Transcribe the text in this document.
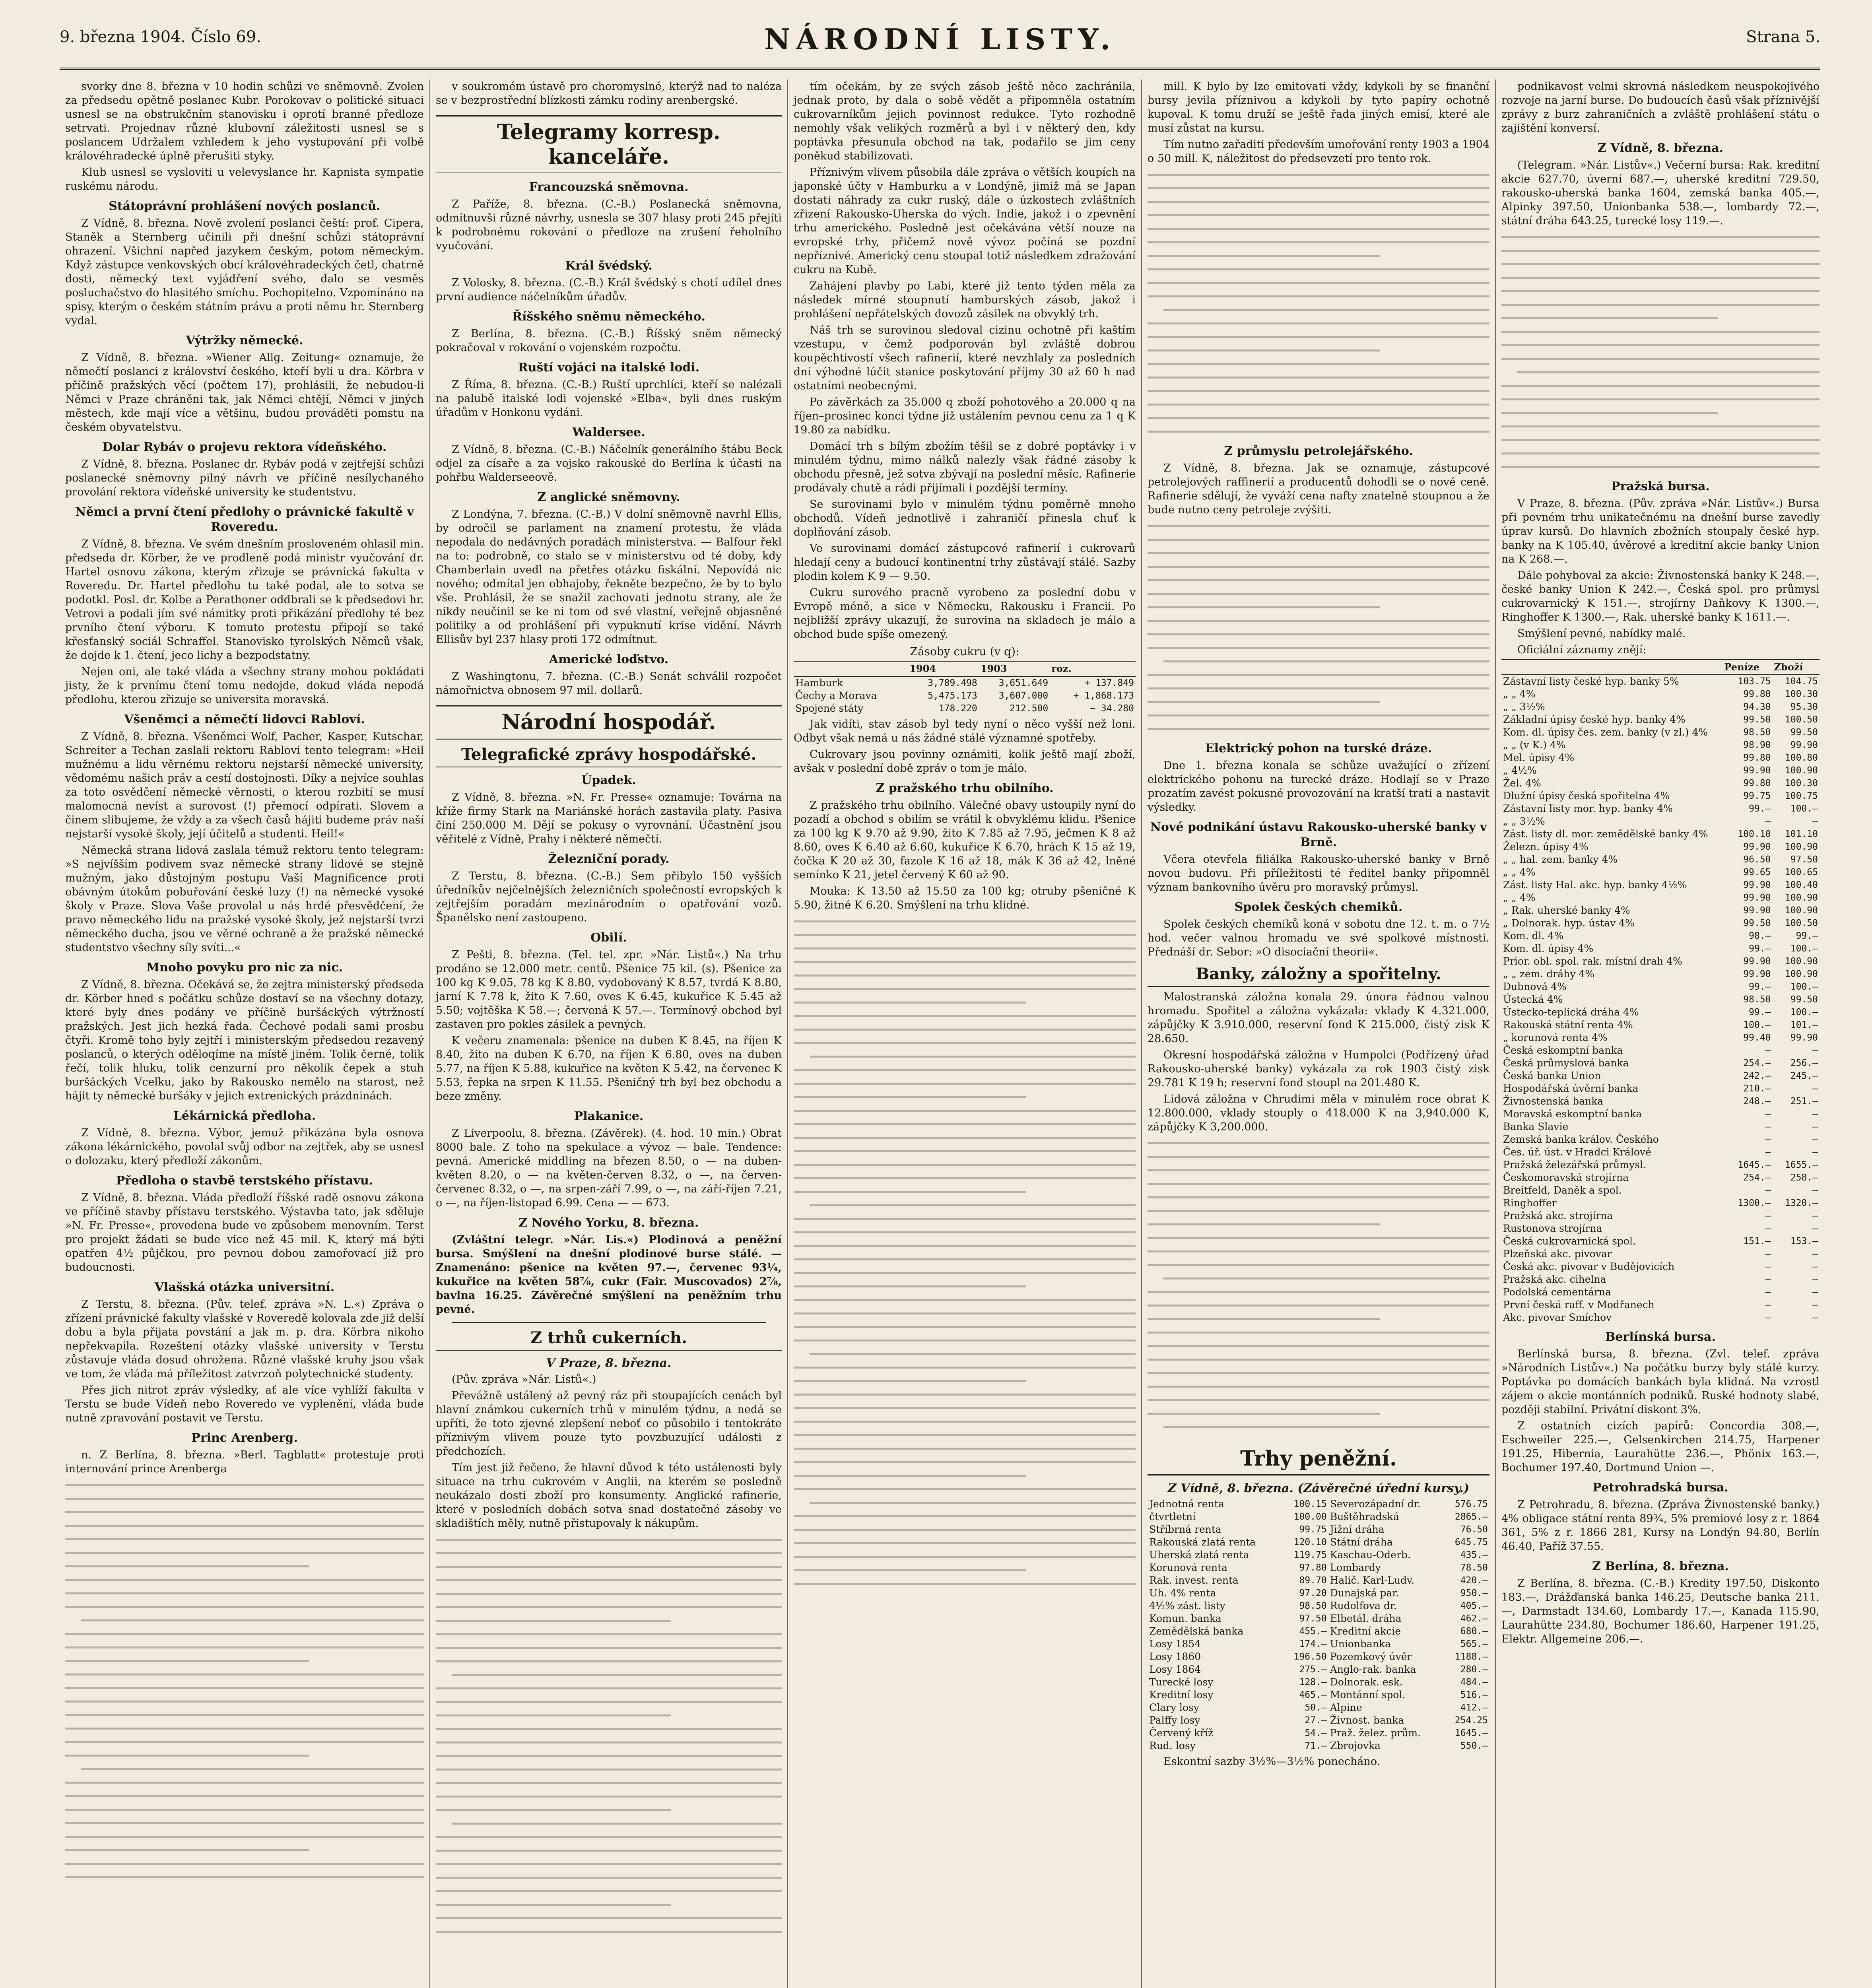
9. března 1904. Číslo 69.	NÁRODNÍ LISTY.	Strana 5.

svorky dne 8. března v 10 hodin schůzi ve sněmovně. Zvolen za předsedu opětně poslanec Kubr. Porokovav o politické situaci usnesl se na obstrukčním stanovisku i oprotí branné předloze setrvati. Projednav různé klubovní záležitosti usnesl se s poslancem Udržalem vzhledem k jeho vystupování při volbě královéhradecké úplně přerušiti styky.

Klub usnesl se vysloviti u velevyslance hr. Kapnista sympatie ruskému národu.

Státoprávní prohlášení nových poslanců.

Z Vídně, 8. března. Nově zvolení poslanci čeští: prof. Cipera, Staněk a Sternberg učinili při dnešní schůzi státoprávní ohrazení. Všichni napřed jazykem českým, potom německým. Když zástupce venkovských obcí královéhradeckých četl, chatrně dosti, německý text vyjádření svého, dalo se vesměs posluchačstvo do hlasitého smíchu. Pochopitelno. Vzpomínáno na spisy, kterým o českém státním právu a proti němu hr. Sternberg vydal.

Výtržky německé.

Z Vídně, 8. března. »Wiener Allg. Zeitung« oznamuje, že němečtí poslanci z království českého, kteří byli u dra. Körbra v příčině pražských věcí (počtem 17), prohlásili, že nebudou-li Němci v Praze chráněni tak, jak Němci chtějí, Němci v jiných městech, kde mají více a většinu, budou prováděti pomstu na českém obyvatelstvu.

Dolar Rybáv o projevu rektora vídeňského.

Z Vídně, 8. března. Poslanec dr. Rybáv podá v zejtřejší schůzi poslanecké sněmovny pilný návrh ve příčině nesílychaného provolání rektora vídeňské university ke studentstvu.

Němci a první čtení předlohy o právnické fakultě v Roveredu.

Z Vídně, 8. března. Ve svém dnešním prosloveném ohlasil min. předseda dr. Körber, že ve prodleně podá ministr vyučování dr. Hartel osnovu zákona, kterým zřizuje se právnická fakulta v Roveredu. Dr. Hartel předlohu tu také podal, ale to sotva se podotkl. Posl. dr. Kolbe a Perathoner oddbrali se k předsedovi hr. Vetrovi a podali jím své námitky proti přikázání předlohy té bez prvního čtení výboru. K tomuto protestu připojí se také křesťanský sociál Schraffel. Stanovisko tyrolských Němců však, že dojde k 1. čtení, jeco lichy a bezpodstatny.

Nejen oni, ale také vláda a všechny strany mohou pokládati jisty, že k prvnímu čtení tomu nedojde, dokud vláda nepodá předlohu, kterou zřizuje se universita moravská.

Všeněmci a němečtí lidovci Rabloví.

Z Vídně, 8. března. Všeněmci Wolf, Pacher, Kasper, Kutschar, Schreiter a Techan zaslali rektoru Rablovi tento telegram: »Heil mužnému a lidu věrnému rektoru nejstarší německé university, vědomému našich práv a cestí dostojnosti. Díky a nejvíce souhlas za toto osvědčení německé věrnosti, o kterou rozbití se musí malomocná nevíst a surovost (!) přemocí odpírati. Slovem a činem slibujeme, že vždy a za všech časů hájiti budeme práv naší nejstarší vysoké školy, její účitelů a studenti. Heil!«

Německá strana lidová zaslala témuž rektoru tento telegram: »S nejvíšším podivem svaz německé strany lidové se stejně mužným, jako důstojným postupu Vaší Magnificence proti obávným útokům pobuřování české luzy (!) na německé vysoké školy v Praze. Slova Vaše provolal u nás hrdé přesvědčení, že pravo německého lidu na pražské vysoké školy, jež nejstarší tvrzi německého ducha, jsou ve věrné ochraně a že pražské německé studentstvo všechny síly svíti...«

Mnoho povyku pro nic za nic.

Z Vídně, 8. března. Očekává se, že zejtra ministerský předseda dr. Körber hned s počátku schůze dostaví se na všechny dotazy, které byly dnes podány ve příčině buršáckých výtržností pražských. Jest jich hezká řada. Čechové podali sami prosbu čtyři. Kromě toho byly zejtří i ministerským předsedou rezavený poslanců, o kterých oděloqíme na místě jiném. Tolik černé, tolik řečí, tolik hluku, tolik cenzurní pro několik čepek a stuh buršáckých Vcelku, jako by Rakousko nemělo na starost, než hájit ty německé buršáky v jejich extrenických prázdninách.

Lékárnická předloha.

Z Vídně, 8. března. Výbor, jemuž přikázána byla osnova zákona lékárnického, povolal svůj odbor na zejtřek, aby se usnesl o dolozaku, který předloží zákonům.

Předloha o stavbě terstského přístavu.

Z Vídně, 8. března. Vláda předloží říšské radě osnovu zákona ve příčině stavby přístavu terstského. Výstavba tato, jak sděluje »N. Fr. Presse«, provedena bude ve způsobem menovním. Terst pro projekt žádati se bude vice než 45 mil. K, který má býti opatřen 4½ půjčkou, pro pevnou dobou zamořovací již pro budoucnosti.

Vlašská otázka universitní.

Z Terstu, 8. března. (Pův. telef. zpráva »N. L.«) Zpráva o zřízení právnické fakulty vlašské v Roveredě kolovala zde již delší dobu a byla přijata povstání a jak m. p. dra. Körbra nikoho nepřekvapila. Rozeštení otázky vlašské university v Terstu zůstavuje vláda dosud ohrožena. Různé vlašské kruhy jsou však ve tom, že vláda má příležitost zatvrzoň polytechnické studenty.

Přes jich nitrot zpráv výsledky, ať ale více vyhlíží fakulta v Terstu se bude Vídeň nebo Roveredo ve vyplenění, vláda bude nutně zpravování postavit ve Terstu.

Princ Arenberg.

n. Z Berlína, 8. března. »Berl. Tagblatt« protestuje proti internování prince Arenberga

v soukromém ústavě pro choromyslné, kterýž nad to naléza se v bezprostřední blízkosti zámku rodiny arenbergské.

Telegramy korresp. kanceláře.
Francouzská sněmovna.

Z Paříže, 8. března. (C.-B.) Poslanecká sněmovna, odmítnuvši různé návrhy, usnesla se 307 hlasy proti 245 přejíti k podrobnému rokování o předloze na zrušení řeholního vyučování.

Král švédský.

Z Volosky, 8. března. (C.-B.) Král švédský s chotí udílel dnes první audience náčelníkům úřadův.

Říšského sněmu německého.

Z Berlína, 8. března. (C.-B.) Říšský sněm německý pokračoval v rokování o vojenském rozpočtu.

Ruští vojáci na italské lodi.

Z Říma, 8. března. (C.-B.) Ruští uprchlíci, kteří se nalézali na palubě italské lodi vojenské »Elba«, byli dnes ruským úřadům v Honkonu vydáni.

Waldersee.

Z Vídně, 8. března. (C.-B.) Náčelník generálního štábu Beck odjel za císaře a za vojsko rakouské do Berlína k účasti na pohřbu Walderseeově.

Z anglické sněmovny.

Z Londýna, 7. března. (C.-B.) V dolní sněmovně navrhl Ellis, by odročil se parlament na znamení protestu, že vláda nepodala do nedávných poradách ministerstva. — Balfour řekl na to: podrobně, co stalo se v ministerstvu od té doby, kdy Chamberlain uvedl na přetřes otázku fiskální. Nepovídá nic nového; odmítal jen obhajoby, řekněte bezpečno, že by to bylo vše. Prohlásil, že se snažil zachovati jednotu strany, ale že nikdy neučinil se ke ni tom od své vlastní, veřejně objasněné politiky a od prohlášení při vypuknutí krise vidění. Návrh Ellisův byl 237 hlasy proti 172 odmítnut.

Americké loďstvo.

Z Washingtonu, 7. března. (C.-B.) Senát schválil rozpočet námořnictva obnosem 97 mil. dollarů.

Národní hospodář.
Telegrafické zprávy hospodářské.
Úpadek.

Z Vídně, 8. března. »N. Fr. Presse« oznamuje: Továrna na kříže firmy Stark na Mariánské horách zastavila platy. Pasiva činí 250.000 M. Dějí se pokusy o vyrovnání. Účastnění jsou věřitelé z Vídně, Prahy i některé němečtí.

Železniční porady.

Z Terstu, 8. března. (C.-B.) Sem přibylo 150 vyšších úředníkův nejčelnějších železničních společností evropských k zejtřejším poradám mezinárodním o opatřování vozů. Španělsko není zastoupeno.

Obilí.

Z Pešti, 8. března. (Tel. tel. zpr. »Nár. Listů«.) Na trhu prodáno se 12.000 metr. centů. Pšenice 75 kil. (s). Pšenice za 100 kg K 9.05, 78 kg K 8.80, vydobovaný K 8.57, tvrdá K 8.80, jarní K 7.78 k, žito K 7.60, oves K 6.45, kukuřice K 5.45 až 5.50; vojtěška K 58.—; červená K 57.—. Termínový obchod byl zastaven pro pokles zásilek a pevných.

K večeru znamenala: pšenice na duben K 8.45, na říjen K 8.40, žito na duben K 6.70, na říjen K 6.80, oves na duben 5.77, na říjen K 5.88, kukuřice na květen K 5.42, na červenec K 5.53, řepka na srpen K 11.55. Pšeničný trh byl bez obchodu a beze změny.

Plakanice.

Z Liverpoolu, 8. března. (Závěrek). (4. hod. 10 min.) Obrat 8000 bale. Z toho na spekulace a vývoz — bale. Tendence: pevná. Americké middling na březen 8.50, o — na duben-květen 8.20, o — na květen-červen 8.32, o —, na červen-červenec 8.32, o —, na srpen-září 7.99, o —, na září-říjen 7.21, o —, na říjen-listopad 6.99. Cena — — 673.

Z Nového Yorku, 8. března.

(Zvláštní telegr. »Nár. Lis.«) Plodinová a peněžní bursa. Smýšlení na dnešní plodinové burse stálé. — Znamenáno: pšenice na květen 97.—, červenec 93¼, kukuřice na květen 58⅞, cukr (Fair. Muscovados) 2⅞, bavlna 16.25. Závěrečné smýšlení na peněžním trhu pevné.

Z trhů cukerních.
V Praze, 8. března.

(Pův. zpráva »Nár. Listů«.)

Převážně ustálený až pevný ráz při stoupajících cenách byl hlavní známkou cukerních trhů v minulém týdnu, a nedá se upříti, že toto zjevné zlepšení neboť co působilo i tentokráte příznivým vlivem pouze tyto povzbuzující události z předchozích.

Tím jest již řečeno, že hlavní důvod k této ustálenosti byly situace na trhu cukrovém v Anglii, na kterém se posledně neukázalo dosti zboží pro konsumenty. Anglické rafinerie, které v posledních dobách sotva snad dostatečné zásoby ve skladištích měly, nutně přistupovaly k nákupům.

tím očekám, by ze svých zásob ještě něco zachránila, jednak proto, by dala o sobě vědět a připomněla ostatním cukrovarníkům jejich povinnost redukce. Tyto rozhodně nemohly však velikých rozměrů a byl i v některý den, kdy poptávka přesunula obchod na tak, podařilo se jim ceny poněkud stabilizovati.

Příznivým vlivem působila dále zpráva o větších koupích na japonské účty v Hamburku a v Londýně, jimiž má se Japan dostati náhrady za cukr ruský, dále o úzkostech zvláštních zřizení Rakousko-Uherska do vých. Indie, jakož i o zpevnění trhu amerického. Posledně jest očekávána větší nouze na evropské trhy, přičemž nově vývoz počíná se pozdní nepříznivé. Americký cenu stoupal totiž následkem zdražování cukru na Kubě.

Zahájení plavby po Labi, které již tento týden měla za následek mírné stoupnutí hamburských zásob, jakož i prohlášení nepřátelských dovozů zásilek na obvyklý trh.

Náš trh se surovinou sledoval cizinu ochotně při kaštím vzestupu, v čemž podporován byl zvláště dobrou koupěchtivostí všech rafinerií, které nevzhlaly za posledních dní výhodné lúčit stanice poskytování příjmy 30 až 60 h nad ostatními neobecnými.

Po závěrkách za 35.000 q zboží pohotového a 20.000 q na říjen–prosinec konci týdne již ustálením pevnou cenu za 1 q K 19.80 za nabídku.

Domácí trh s bílým zbožím těšil se z dobré poptávky i v minulém týdnu, mimo nálků nalezly však řádné zásoby k obchodu přesně, jež sotva zbývají na poslední měsíc. Rafinerie prodávaly chutě a rádi přijímali i pozdější termíny.

Se surovinami bylo v minulém týdnu poměrně mnoho obchodů. Vídeň jednotlivě i zahraničí přinesla chuť k doplňování zásob.

Ve surovinami domácí zástupcové rafinerií i cukrovarů hledají ceny a budoucí kontinentní trhy zůstávají stálé. Sazby plodin kolem K 9 — 9.50.

Cukru surového pracně vyrobeno za poslední dobu v Evropě méně, a sice v Německu, Rakousku i Francii. Po nejbližší zprávy ukazují, že surovina na skladech je málo a obchod bude spíše omezený.

Zásoby cukru (v q):
	1904	1903	roz.
Hamburk	3,789.498	3,651.649	+ 137.849
Čechy a Morava	5,475.173	3,607.000	+ 1,868.173
Spojené státy	178.220	212.500	− 34.280

Jak vidíti, stav zásob byl tedy nyní o něco vyšší než loni. Odbyt však nemá u nás žádné stálé významné spotřeby.

Cukrovary jsou povinny oznámiti, kolik ještě mají zboží, avšak v poslední době zpráv o tom je málo.

Z pražského trhu obilního.

Z pražského trhu obilního. Válečné obavy ustoupily nyní do pozadí a obchod s obilím se vrátil k obvyklému klidu. Pšenice za 100 kg K 9.70 až 9.90, žito K 7.85 až 7.95, ječmen K 8 až 8.60, oves K 6.40 až 6.60, kukuřice K 6.70, hrách K 15 až 19, čočka K 20 až 30, fazole K 16 až 18, mák K 36 až 42, lněné semínko K 21, jetel červený K 60 až 90.

Mouka: K 13.50 až 15.50 za 100 kg; otruby pšeničné K 5.90, žitné K 6.20. Smýšlení na trhu klidné.

mill. K bylo by lze emitovati vždy, kdykoli by se finanční bursy jevila příznivou a kdykoli by tyto papíry ochotně kupoval. K tomu druží se ještě řada jiných emisí, které ale musí zůstat na kursu.

Tím nutno zařaditi především umořování renty 1903 a 1904 o 50 mill. K, náležitost do předsevzetí pro tento rok.

Z průmyslu petrolejářského.

Z Vídně, 8. března. Jak se oznamuje, zástupcové petrolejových raffinerií a producentů dohodli se o nové ceně. Rafinerie sdělují, že vyváží cena nafty znatelně stoupnou a že bude nutno ceny petroleje zvýšiti.

Elektrický pohon na turské dráze.

Dne 1. března konala se schůze uvažující o zřízení elektrického pohonu na turecké dráze. Hodlají se v Praze prozatím zavést pokusné provozování na kratší trati a nastavit výsledky.

Nové podnikání ústavu Rakousko-uherské banky v Brně.

Včera otevřela filiálka Rakousko-uherské banky v Brně novou budovu. Při příležitosti té ředitel banky připomněl význam bankovního úvěru pro moravský průmysl.

Spolek českých chemiků.

Spolek českých chemiků koná v sobotu dne 12. t. m. o 7½ hod. večer valnou hromadu ve své spolkové místnosti. Přednáší dr. Sebor: »O disociační theorii«.

Banky, záložny a spořitelny.

Malostranská záložna konala 29. února řádnou valnou hromadu. Spořitel a záložna vykázala: vklady K 4.321.000, zápůjčky K 3.910.000, reservní fond K 215.000, čistý zisk K 28.650.

Okresní hospodářská záložna v Humpolci (Podřízený úřad Rakousko-uherské banky) vykázala za rok 1903 čistý zisk 29.781 K 19 h; reservní fond stoupl na 201.480 K.

Lidová záložna v Chrudimi měla v minulém roce obrat K 12.800.000, vklady stouply o 418.000 K na 3,940.000 K, zápůjčky K 3,200.000.

Trhy peněžní.
Z Vídně, 8. března. (Závěrečné úřední kursy.)
Jednotná renta	100.15	Severozápadní dr.	576.75
čtvrtletní	100.00	Buštěhradská	2865.—
Stříbrná renta	99.75	Jižní dráha	76.50
Rakouská zlatá renta	120.10	Státní dráha	645.75
Uherská zlatá renta	119.75	Kaschau-Oderb.	435.—
Korunová renta	97.80	Lombardy	78.50
Rak. invest. renta	89.70	Halič. Karl-Ludv.	420.—
Uh. 4% renta	97.20	Dunajská par.	950.—
4½% zást. listy	98.50	Rudolfova dr.	405.—
Komun. banka	97.50	Elbetál. dráha	462.—
Zemědělská banka	455.—	Kreditní akcie	680.—
Losy 1854	174.—	Unionbanka	565.—
Losy 1860	196.50	Pozemkový úvěr	1188.—
Losy 1864	275.—	Anglo-rak. banka	280.—
Turecké losy	128.—	Dolnorak. esk.	484.—
Kreditní losy	465.—	Montánní spol.	516.—
Clary losy	50.—	Alpine	412.—
Palffy losy	27.—	Živnost. banka	254.25
Červený kříž	54.—	Praž. želez. prům.	1645.—
Rud. losy	71.—	Zbrojovka	550.—

Eskontní sazby 3½%—3½% ponecháno.

podnikavost velmi skrovná následkem neuspokojivého rozvoje na jarní burse. Do budoucích časů však příznivější zprávy z burz zahraničních a zvláště prohlášení státu o zajištění konversí.

Z Vídně, 8. března.

(Telegram. »Nár. Listův«.) Večerní bursa: Rak. kreditní akcie 627.70, úverní 687.—, uherské kreditní 729.50, rakousko-uherská banka 1604, zemská banka 405.—, Alpinky 397.50, Unionbanka 538.—, lombardy 72.—, státní dráha 643.25, turecké losy 119.—.

Pražská bursa.

V Praze, 8. března. (Pův. zpráva »Nár. Listův«.) Bursa při pevném trhu unikatečnému na dnešní burse zavedly úprav kursů. Do hlavních zbožních stoupaly české hyp. banky na K 105.40, úvěrové a kreditní akcie banky Union na K 268.—.

Dále pohyboval za akcie: Živnostenská banky K 248.—, české banky Union K 242.—, Česká spol. pro průmysl cukrovarnický K 151.—, strojírny Daňkovy K 1300.—, Ringhoffer K 1300.—, Rak. uherské banky K 1611.—.

Smýšlení pevné, nabídky malé.

Oficiální záznamy znějí:

	Peníze	Zboží
Zástavní listy české hyp. banky 5%	103.75	104.75
„ „ 4%	99.80	100.30
„ „ 3½%	94.30	95.30
Základní úpisy české hyp. banky 4%	99.50	100.50
Kom. dl. úpisy čes. zem. banky (v zl.) 4%	98.50	99.50
„ „ (v K.) 4%	98.90	99.90
Mel. úpisy 4%	99.80	100.80
„ 4½%	99.90	100.90
Žel. 4%	99.80	100.30
Dlužní úpisy česká spořitelna 4%	99.75	100.75
Zástavní listy mor. hyp. banky 4%	99.—	100.—
„ „ 3½%	—	—
Zást. listy dl. mor. zemědělské banky 4%	100.10	101.10
Železn. úpisy 4%	99.90	100.90
„ „ hal. zem. banky 4%	96.50	97.50
„ „ 4%	99.65	100.65
Zást. listy Hal. akc. hyp. banky 4½%	99.90	100.40
„ „ 4%	99.90	100.90
„ Rak. uherské banky 4%	99.90	100.90
„ Dolnorak. hyp. ústav 4%	99.50	100.50
Kom. dl. 4%	98.—	99.—
Kom. dl. úpisy 4%	99.—	100.—
Prior. obl. spol. rak. místní drah 4%	99.90	100.90
„ „ zem. dráhy 4%	99.90	100.90
Dubnová 4%	99.—	100.—
Ústecká 4%	98.50	99.50
Ústecko-teplická dráha 4%	99.—	100.—
Rakouská státní renta 4%	100.—	101.—
„ korunová renta 4%	99.40	99.90
Česká eskomptní banka	—	—
Česká průmyslová banka	254.—	256.—
Česká banka Union	242.—	245.—
Hospodářská úvěrní banka	210.—	—
Živnostenská banka	248.—	251.—
Moravská eskomptní banka	—	—
Banka Slavie	—	—
Zemská banka králov. Českého	—	—
Čes. úř. úst. v Hradci Králové	—	—
Pražská železářská průmysl.	1645.—	1655.—
Českomoravská strojírna	254.—	258.—
Breitfeld, Daněk a spol.	—	—
Ringhoffer	1300.—	1320.—
Pražská akc. strojírna	—	—
Rustonova strojírna	—	—
Česká cukrovarnická spol.	151.—	153.—
Plzeňská akc. pivovar	—	—
Česká akc. pivovar v Budějovicích	—	—
Pražská akc. cihelna	—	—
Podolská cementárna	—	—
První česká raff. v Modřanech	—	—
Akc. pivovar Smíchov	—	—
Berlínská bursa.

Berlínská bursa, 8. března. (Zvl. telef. zpráva »Národních Listův«.) Na počátku burzy byly stálé kurzy. Poptávka po domácích bankách byla klidná. Na vzrostl zájem o akcie montánních podniků. Ruské hodnoty slabé, později stabilní. Privátní diskont 3%.

Z ostatních cizích papírů: Concordia 308.—, Eschweiler 225.—, Gelsenkirchen 214.75, Harpener 191.25, Hibernia, Laurahütte 236.—, Phönix 163.—, Bochumer 197.40, Dortmund Union —.

Petrohradská bursa.

Z Petrohradu, 8. března. (Zpráva Živnostenské banky.) 4% obligace státní renta 89¾, 5% premiové losy z r. 1864 361, 5% z r. 1866 281, Kursy na Londýn 94.80, Berlín 46.40, Paříž 37.55.

Z Berlína, 8. března.

Z Berlína, 8. března. (C.-B.) Kredity 197.50, Diskonto 183.—, Drážďanská banka 146.25, Deutsche banka 211.—, Darmstadt 134.60, Lombardy 17.—, Kanada 115.90, Laurahütte 234.80, Bochumer 186.60, Harpener 191.25, Elektr. Allgemeine 206.—.
